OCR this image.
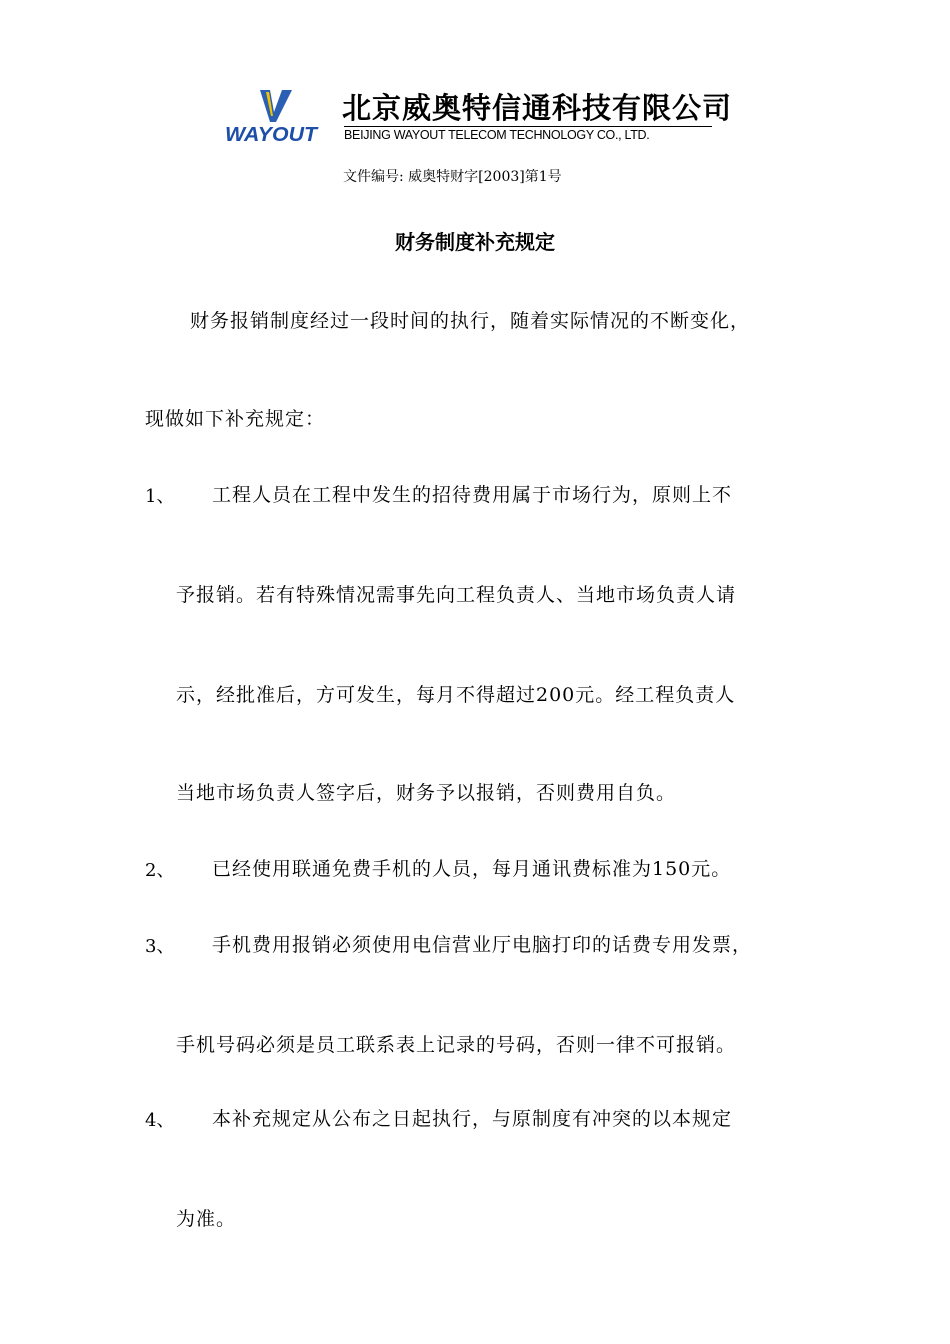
WAYOUT
北京威奥特信通科技有限公司
BEIJING WAYOUT TELECOM TECHNOLOGY CO., LTD.
文件编号: 威奥特财字[2003]第1号
财务制度补充规定
财务报销制度经过一段时间的执行，随着实际情况的不断变化，
现做如下补充规定：
1、 工程人员在工程中发生的招待费用属于市场行为，原则上不
予报销。若有特殊情况需事先向工程负责人、当地市场负责人请
示，经批准后，方可发生，每月不得超过200元。经工程负责人
当地市场负责人签字后，财务予以报销，否则费用自负。
2、 已经使用联通免费手机的人员，每月通讯费标准为150元。
3、 手机费用报销必须使用电信营业厅电脑打印的话费专用发票，
手机号码必须是员工联系表上记录的号码，否则一律不可报销。
4、 本补充规定从公布之日起执行，与原制度有冲突的以本规定
为准。
